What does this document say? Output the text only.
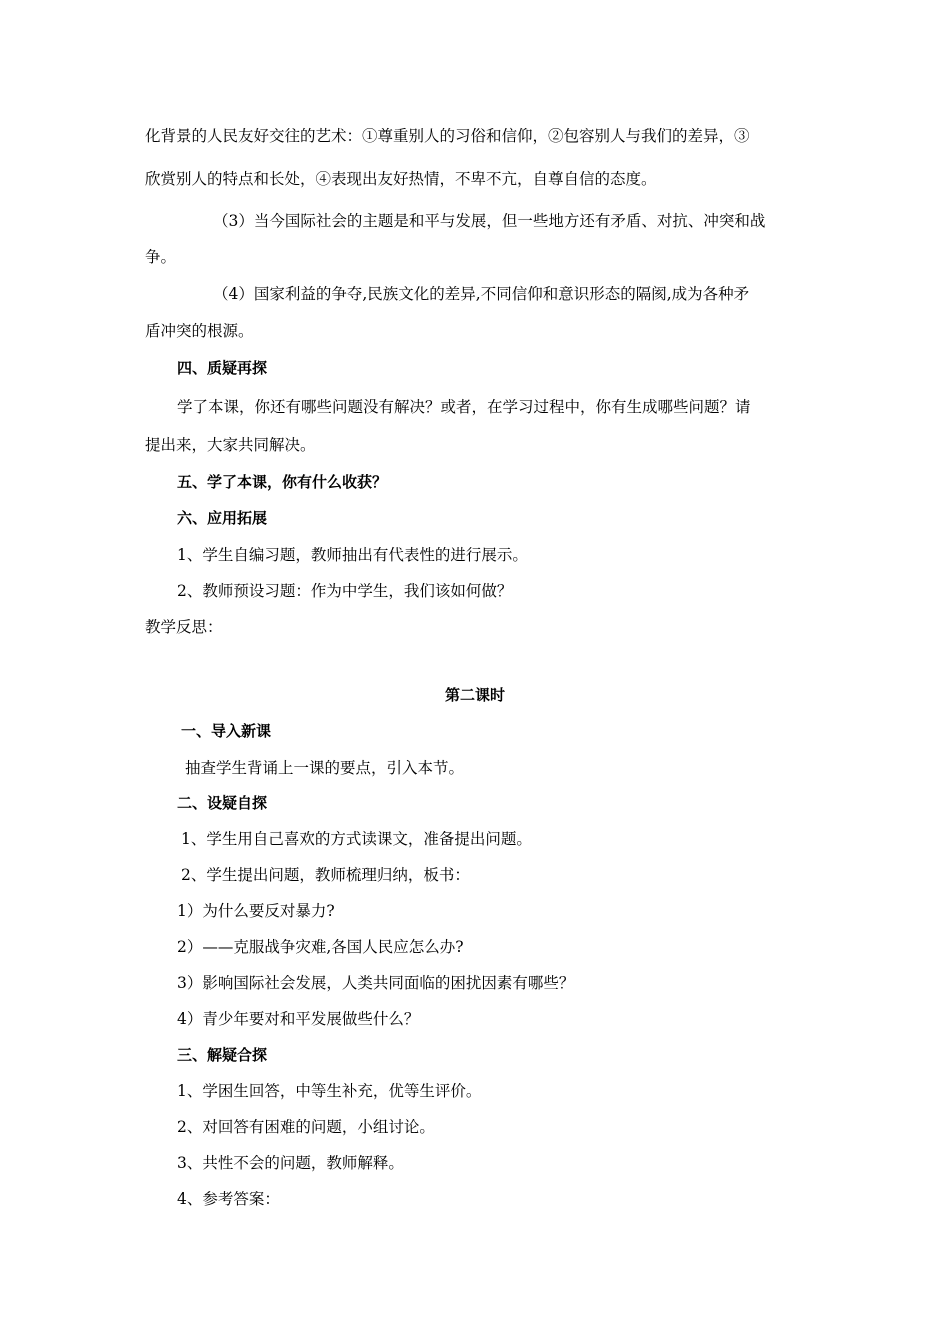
化背景的人民友好交往的艺术：①尊重别人的习俗和信仰，②包容别人与我们的差异，③
欣赏别人的特点和长处，④表现出友好热情，不卑不亢，自尊自信的态度。
（3）当今国际社会的主题是和平与发展，但一些地方还有矛盾、对抗、冲突和战
争。
（4）国家利益的争夺,民族文化的差异,不同信仰和意识形态的隔阂,成为各种矛
盾冲突的根源。
四、质疑再探
学了本课，你还有哪些问题没有解决？或者，在学习过程中，你有生成哪些问题？请
提出来，大家共同解决。
五、学了本课，你有什么收获？
六、应用拓展
1、学生自编习题，教师抽出有代表性的进行展示。
2、教师预设习题：作为中学生，我们该如何做？
教学反思：
第二课时
一、导入新课
抽查学生背诵上一课的要点，引入本节。
二、设疑自探
1、学生用自己喜欢的方式读课文，准备提出问题。
2、学生提出问题，教师梳理归纳，板书：
1）为什么要反对暴力?
2）——克服战争灾难,各国人民应怎么办?
3）影响国际社会发展，人类共同面临的困扰因素有哪些？
4）青少年要对和平发展做些什么？
三、解疑合探
1、学困生回答，中等生补充，优等生评价。
2、对回答有困难的问题，小组讨论。
3、共性不会的问题，教师解释。
4、参考答案：
